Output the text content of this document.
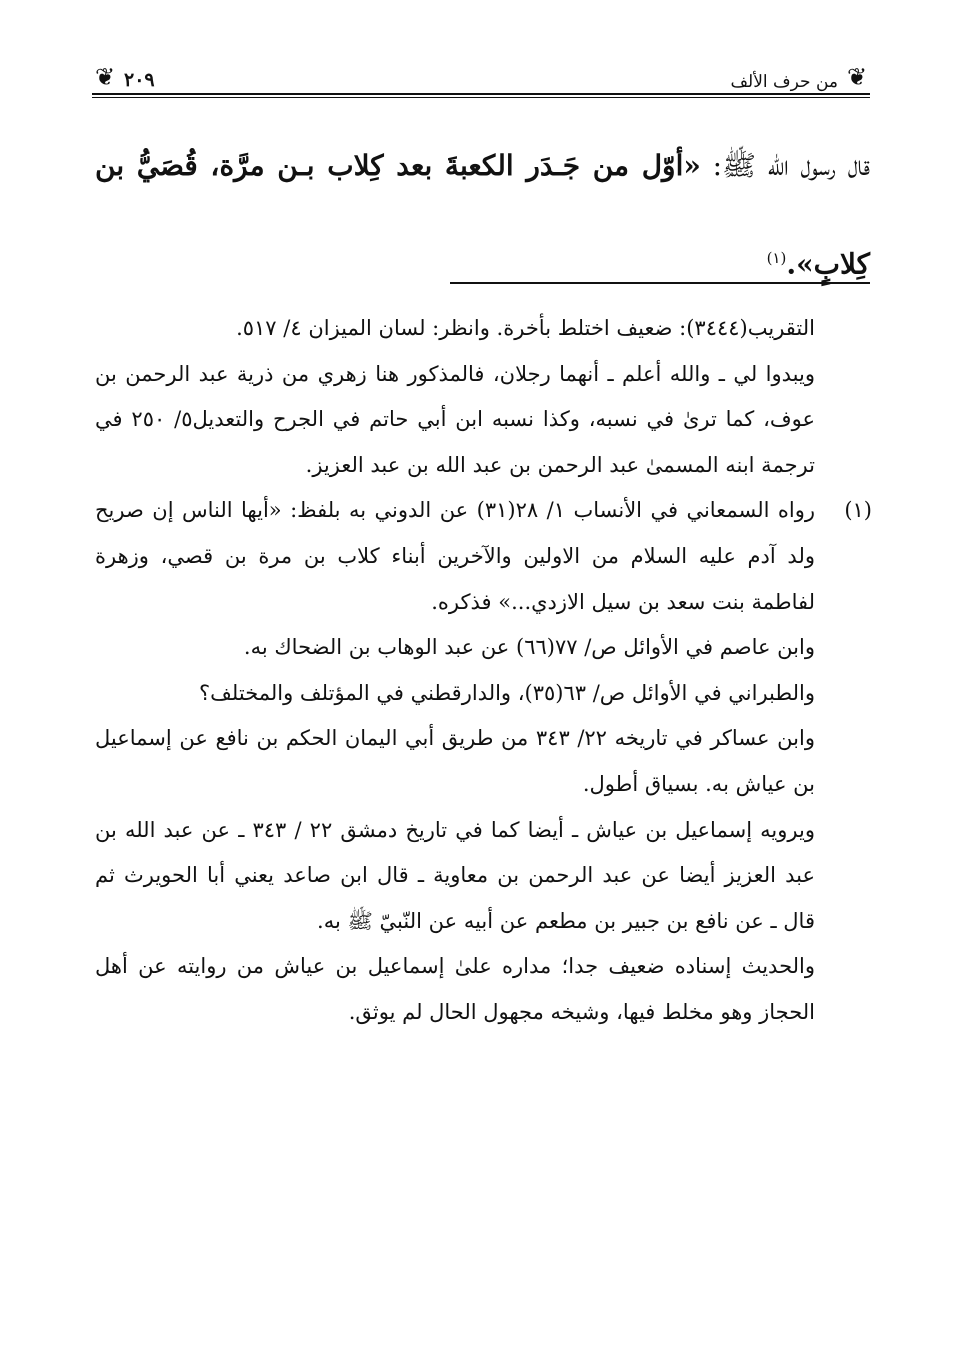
❦
من حرف الألف
٢٠٩
❦
قال رسول الله ﷺ: «أوّل من جَـدَر الكعبةَ بعد كِلاب بـن مرَّة، قُصَيُّ بن كِلابٍ».$^{(١)}$

التقريب(٣٤٤٤): ضعيف اختلط بأخرة. وانظر: لسان الميزان ٤/ ٥١٧.

ويبدوا لي ـ والله أعلم ـ أنهما رجلان، فالمذكور هنا زهري من ذرية عبد الرحمن بن عوف، كما ترىٰ في نسبه، وكذا نسبه ابن أبي حاتم في الجرح والتعديل٥/ ٢٥٠ في ترجمة ابنه المسمىٰ عبد الرحمن بن عبد الله بن عبد العزيز.

(١)

رواه السمعاني في الأنساب ١/ ٢٨(٣١) عن الدوني به بلفظ: «أيها الناس إن صريح ولد آدم عليه السلام من الاولين والآخرين أبناء كلاب بن مرة بن قصي، وزهرة لفاطمة بنت سعد بن سيل الازدي...» فذكره.

وابن عاصم في الأوائل ص/ ٧٧(٦٦) عن عبد الوهاب بن الضحاك به.

والطبراني في الأوائل ص/ ٦٣(٣٥)، والدارقطني في المؤتلف والمختلف؟

وابن عساكر في تاريخه ٢٢/ ٣٤٣ من طريق أبي اليمان الحكم بن نافع عن إسماعيل بن عياش به. بسياق أطول.

ويرويه إسماعيل بن عياش ـ أيضا كما في تاريخ دمشق ٢٢ / ٣٤٣ ـ عن عبد الله بن عبد العزيز أيضا عن عبد الرحمن بن معاوية ـ قال ابن صاعد يعني أبا الحويرث ثم قال ـ عن نافع بن جبير بن مطعم عن أبيه عن النّبيّ ﷺ به.

والحديث إسناده ضعيف جدا؛ مداره علىٰ إسماعيل بن عياش من روايته عن أهل الحجاز وهو مخلط فيها، وشيخه مجهول الحال لم يوثق.
